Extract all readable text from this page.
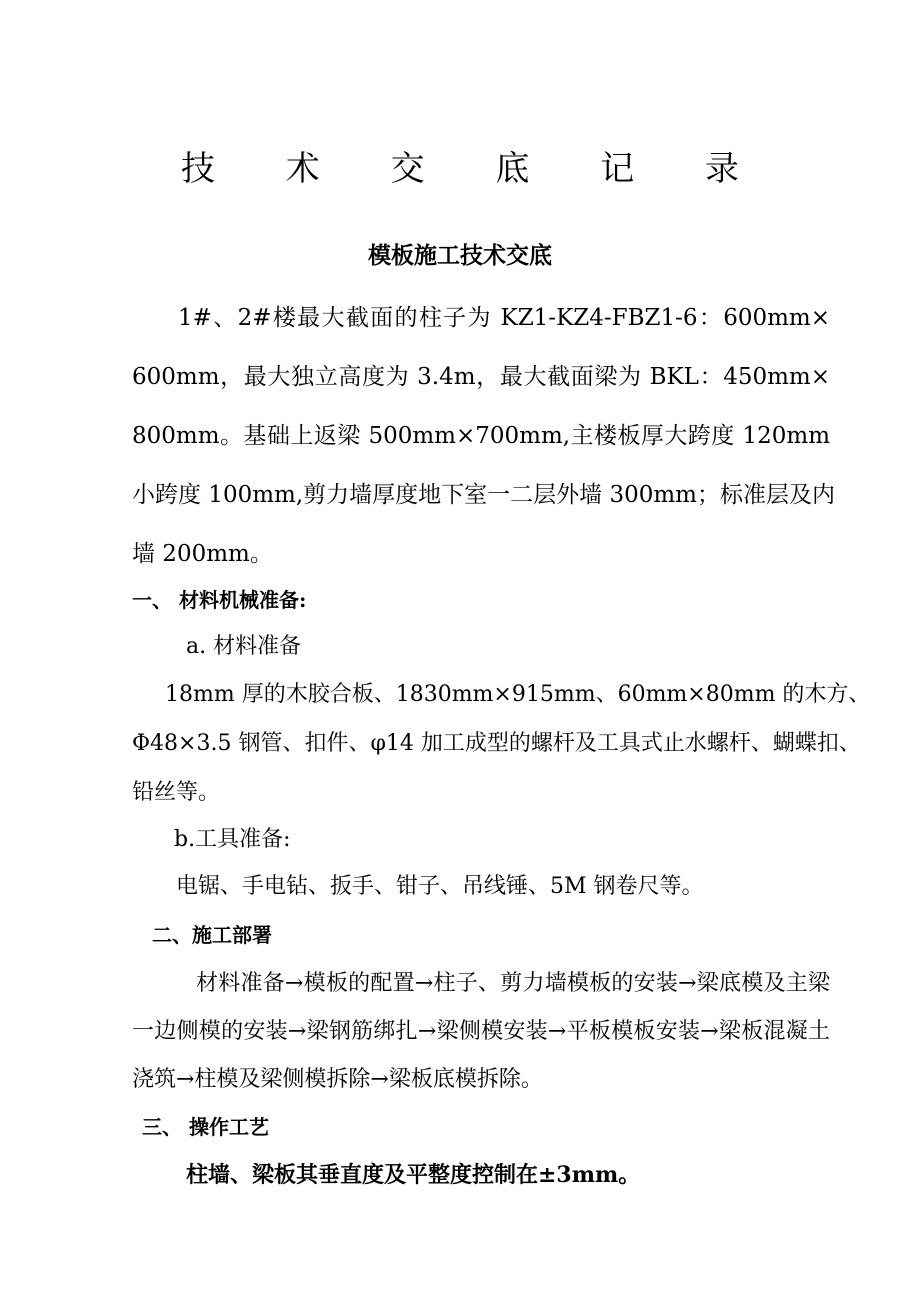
技 术 交 底 记 录
模板施工技术交底
1#、2#楼最大截面的柱子为 KZ1-KZ4-FBZ1-6：600mm×
600mm，最大独立高度为 3.4m，最大截面梁为 BKL：450mm×
800mm。基础上返梁 500mm×700mm,主楼板厚大跨度 120mm
小跨度 100mm,剪力墙厚度地下室一二层外墙 300mm；标准层及内
墙 200mm。
一、 材料机械准备:
a. 材料准备
18mm 厚的木胶合板、1830mm×915mm、60mm×80mm 的木方、
Φ48×3.5 钢管、扣件、φ14 加工成型的螺杆及工具式止水螺杆、蝴蝶扣、
铅丝等。
b.工具准备:
电锯、手电钻、扳手、钳子、吊线锤、5M 钢卷尺等。
二、施工部署
材料准备→模板的配置→柱子、剪力墙模板的安装→梁底模及主梁
一边侧模的安装→梁钢筋绑扎→梁侧模安装→平板模板安装→梁板混凝土
浇筑→柱模及梁侧模拆除→梁板底模拆除。
三、 操作工艺
柱墙、梁板其垂直度及平整度控制在±3mm。
